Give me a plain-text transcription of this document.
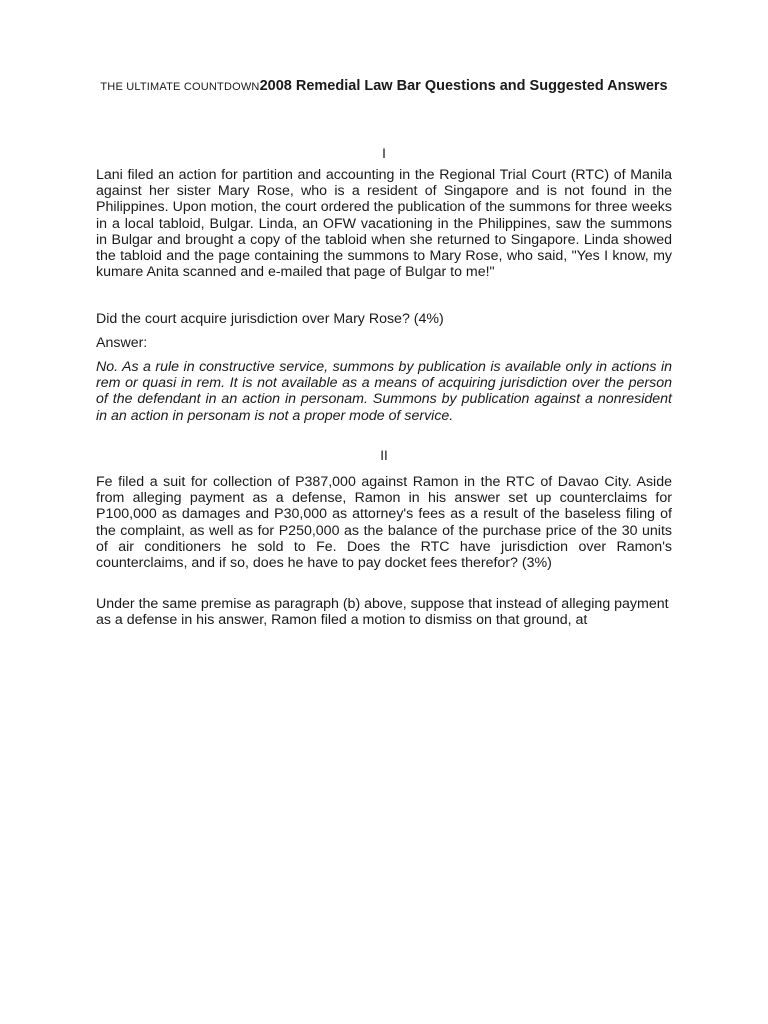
THE ULTIMATE COUNTDOWN2008 Remedial Law Bar Questions and Suggested Answers
I

Lani filed an action for partition and accounting in the Regional Trial Court (RTC) of Manila against her sister Mary Rose, who is a resident of Singapore and is not found in the Philippines. Upon motion, the court ordered the publication of the summons for three weeks in a local tabloid, Bulgar. Linda, an OFW vacationing in the Philippines, saw the summons in Bulgar and brought a copy of the tabloid when she returned to Singapore. Linda showed the tabloid and the page containing the summons to Mary Rose, who said, "Yes I know, my kumare Anita scanned and e-mailed that page of Bulgar to me!"

Did the court acquire jurisdiction over Mary Rose? (4%)

Answer:

No. As a rule in constructive service, summons by publication is available only in actions in rem or quasi in rem. It is not available as a means of acquiring jurisdiction over the person of the defendant in an action in personam. Summons by publication against a nonresident in an action in personam is not a proper mode of service.

II

Fe filed a suit for collection of P387,000 against Ramon in the RTC of Davao City. Aside from alleging payment as a defense, Ramon in his answer set up counterclaims for P100,000 as damages and P30,000 as attorney's fees as a result of the baseless filing of the complaint, as well as for P250,000 as the balance of the purchase price of the 30 units of air conditioners he sold to Fe. Does the RTC have jurisdiction over Ramon's counterclaims, and if so, does he have to pay docket fees therefor? (3%)

Under the same premise as paragraph (b) above, suppose that instead of alleging payment as a defense in his answer, Ramon filed a motion to dismiss on that ground, at
